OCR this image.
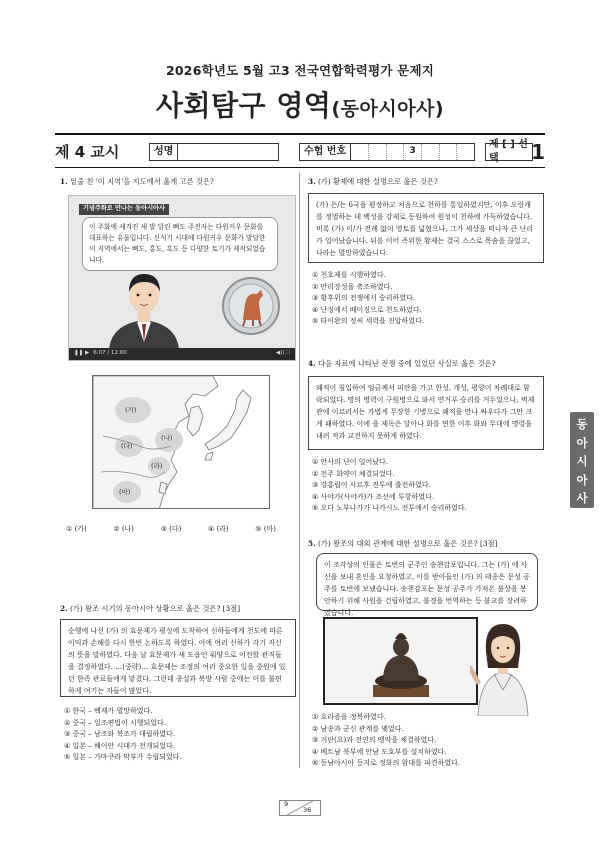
2026학년도 5월 고3 전국연합학력평가 문제지
사회탐구 영역(동아시아사)
제 4 교시	성명	수험 번호	3
제 [ ] 선택	1
1. 밑줄 친 '이 지역'을 지도에서 옳게 고른 것은?
기념주화로 만나는 동아시아사
이 주화에 새겨진 새 발 달린 뼈도 주전자는 다원커우 문화를 대표하는 유물입니다. 신석기 시대에 다원커우 문화가 발달한 이 지역에서는 뼈도, 홍도, 흑도 등 다양한 토기가 제작되었습니다.
❚❚ ▶ 6:07 / 12:00	◀)) ⛶
(가)
(나)
(다)
(라)
(마)
① (가)	② (나)	③ (다)	④ (라)	⑤ (마)
2. (가) 왕조 시기의 동아시아 상황으로 옳은 것은? [3점]
순행에 나선 (가) 의 효문제가 평성에 도착하여 신하들에게 천도에 따른 이익과 손해를 다시 한번 논하도록 하였다. 이에 여러 신하가 각기 자신의 뜻을 말하였다. 다음 날 효문제가 새 도읍인 뤄양으로 이전할 관직들을 결정하였다. …(중략)… 효문제는 조정의 여러 중요한 일을 중원에 있던 한족 관료들에게 맡겼다. 그런데 종실과 북방 사람 중에는 이를 불편하게 여기는 자들이 많았다.
① 한국 – 백제가 멸망하였다.
② 중국 – 일조편법이 시행되었다.
③ 중국 – 남조와 북조가 대립하였다.
④ 일본 – 헤이안 시대가 전개되었다.
⑤ 일본 – 가마쿠라 막부가 수립되었다.
3. (가) 황제에 대한 설명으로 옳은 것은?
(가) 은/는 6국을 평정하고 처음으로 천하를 통일하였지만, 이후 오랑캐를 정벌하는 데 백성을 강제로 동원하여 원성이 천하에 가득하였습니다. 비록 (가) 이/가 전례 없이 영토를 넓혔으나, 그가 세상을 떠나자 큰 난리가 일어났습니다. 뒤를 이어 즉위한 황제는 결국 스스로 목숨을 끊었고, 나라는 멸망하였습니다.
① 천호제를 시행하였다.
② 만리장성을 축조하였다.
③ 황후위의 전쟁에서 승리하였다.
④ 난징에서 베이징으로 천도하였다.
⑤ 타이완의 정씨 세력을 진압하였다.
4. 다음 자료에 나타난 전쟁 중에 있었던 사실로 옳은 것은?
왜적이 침입하여 임금께서 피란을 가고 한성, 개성, 평양이 차례대로 함락되었다. 명의 병력이 구원병으로 와서 연거푸 승리를 거두었으나, 벽제관에 이르러서는 가볍게 무장한 기병으로 왜적을 만나 싸우다가 그만 크게 패하였다. 이에 을 제독은 달아나 화를 면한 이후 화와 무대에 명령을 내려 적과 교전하지 못하게 하였다.
① 안사의 난이 일어났다.
② 전주 화약이 체결되었다.
③ 강홍립이 사르후 전투에 출전하였다.
④ 사야가(사야카)가 조선에 투항하였다.
⑤ 오다 노부나가가 나가시노 전투에서 승리하였다.
5. (가) 왕조의 대외 관계에 대한 설명으로 옳은 것은? [3점]
이 조각상의 인물은 토번의 군주인 송첸감포입니다. 그는 (가) 에 사신을 보내 혼인을 요청하였고, 이를 받아들인 (가) 의 태종은 문성 공주를 토번에 보냈습니다. 송첸감포는 문성 공주가 가져온 불상을 봉안하기 위해 사원을 건립하였고, 불경을 번역하는 등 불교를 장려하였습니다.
① 호라즘을 정복하였다.
② 남송과 군신 관계를 맺었다.
③ 거란(요)과 전연의 맹약을 체결하였다.
④ 베트남 북부에 안남 도호부를 설치하였다.
⑤ 동남아시아 등지로 정화의 함대를 파견하였다.
동
아
시
아
사
9
36
